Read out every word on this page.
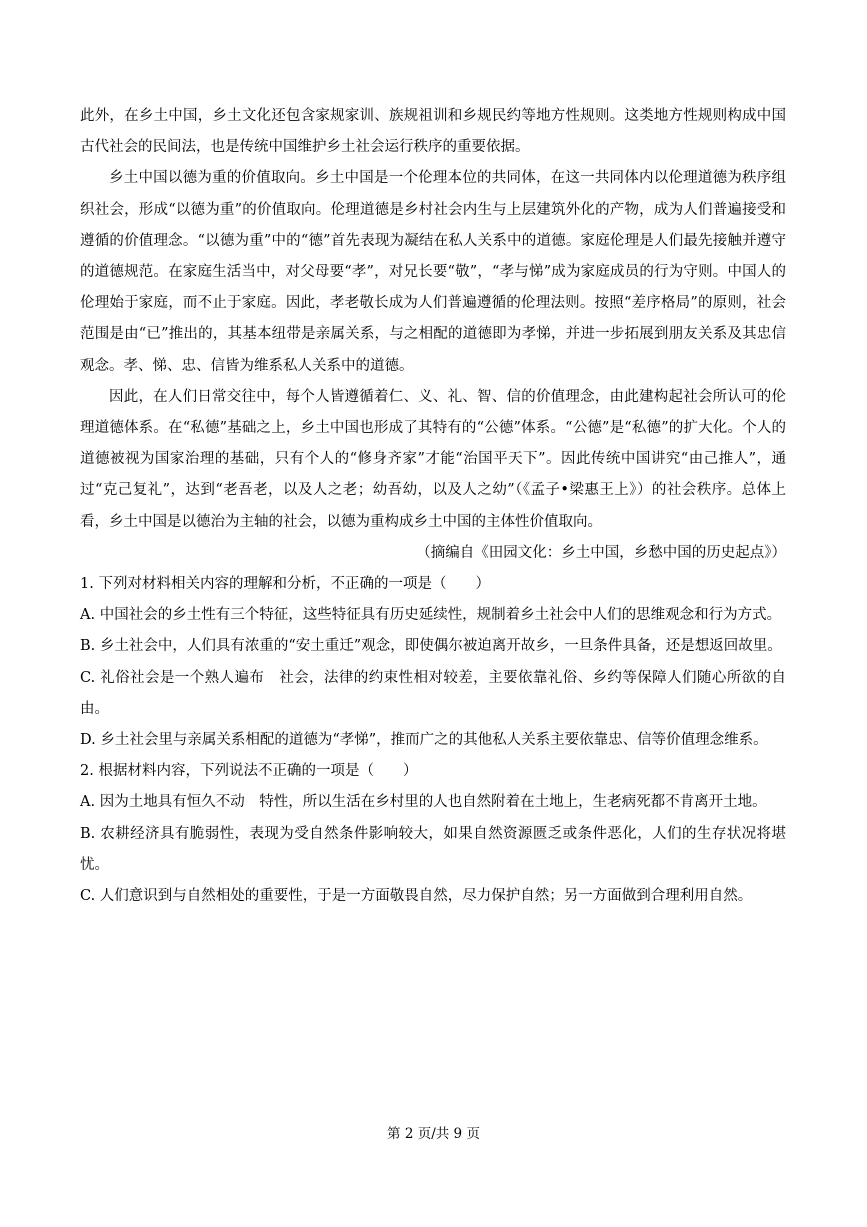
此外，在乡土中国，乡土文化还包含家规家训、族规祖训和乡规民约等地方性规则。这类地方性规则构成中国古代社会的民间法，也是传统中国维护乡土社会运行秩序的重要依据。

乡土中国以德为重的价值取向。乡土中国是一个伦理本位的共同体，在这一共同体内以伦理道德为秩序组织社会，形成“以德为重”的价值取向。伦理道德是乡村社会内生与上层建筑外化的产物，成为人们普遍接受和遵循的价值理念。“以德为重”中的“德”首先表现为凝结在私人关系中的道德。家庭伦理是人们最先接触并遵守的道德规范。在家庭生活当中，对父母要“孝”，对兄长要“敬”，“孝与悌”成为家庭成员的行为守则。中国人的伦理始于家庭，而不止于家庭。因此，孝老敬长成为人们普遍遵循的伦理法则。按照“差序格局”的原则，社会范围是由“已”推出的，其基本纽带是亲属关系，与之相配的道德即为孝悌，并进一步拓展到朋友关系及其忠信观念。孝、悌、忠、信皆为维系私人关系中的道德。

因此，在人们日常交往中，每个人皆遵循着仁、义、礼、智、信的价值理念，由此建构起社会所认可的伦理道德体系。在“私德”基础之上，乡土中国也形成了其特有的“公德”体系。“公德”是“私德”的扩大化。个人的道德被视为国家治理的基础，只有个人的“修身齐家”才能“治国平天下”。因此传统中国讲究“由己推人”，通过“克己复礼”，达到“老吾老，以及人之老；幼吾幼，以及人之幼”（《孟子•梁惠王上》）的社会秩序。总体上看，乡土中国是以德治为主轴的社会，以德为重构成乡土中国的主体性价值取向。

（摘编自《田园文化：乡土中国，乡愁中国的历史起点》）

1. 下列对材料相关内容的理解和分析，不正确的一项是（　　）

A. 中国社会的乡土性有三个特征，这些特征具有历史延续性，规制着乡土社会中人们的思维观念和行为方式。

B. 乡土社会中，人们具有浓重的“安土重迁”观念，即使偶尔被迫离开故乡，一旦条件具备，还是想返回故里。

C. 礼俗社会是一个熟人遍布　社会，法律的约束性相对较差，主要依靠礼俗、乡约等保障人们随心所欲的自由。

D. 乡土社会里与亲属关系相配的道德为“孝悌”，推而广之的其他私人关系主要依靠忠、信等价值理念维系。

2. 根据材料内容，下列说法不正确的一项是（　　）

A. 因为土地具有恒久不动　特性，所以生活在乡村里的人也自然附着在土地上，生老病死都不肯离开土地。

B. 农耕经济具有脆弱性，表现为受自然条件影响较大，如果自然资源匮乏或条件恶化，人们的生存状况将堪忧。

C. 人们意识到与自然相处的重要性，于是一方面敬畏自然，尽力保护自然；另一方面做到合理利用自然。

第 2 页/共 9 页
